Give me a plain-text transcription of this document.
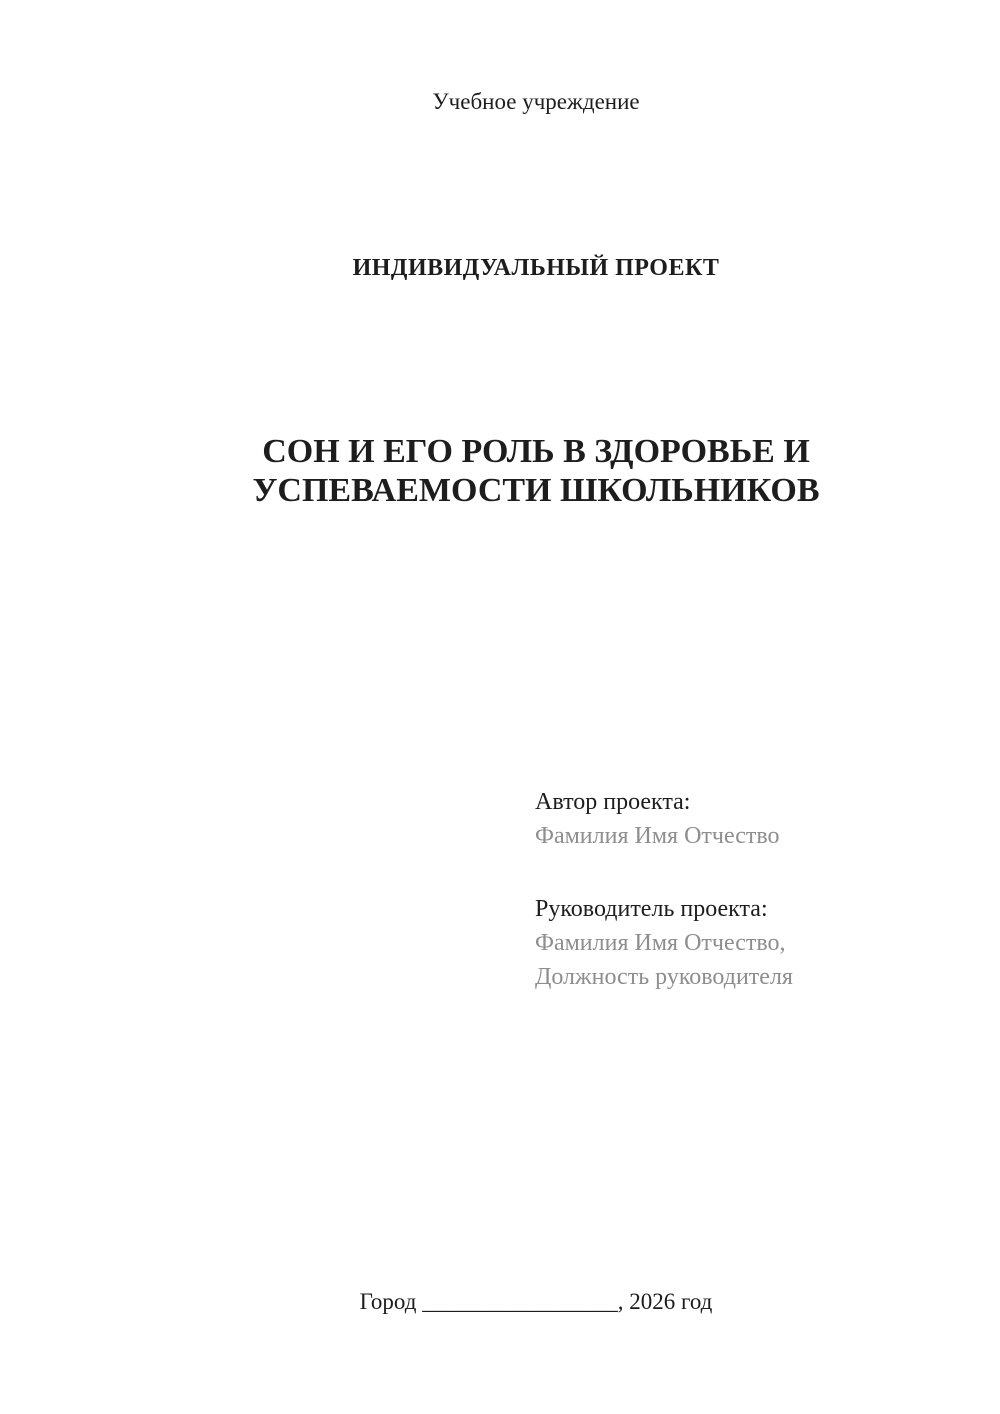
Учебное учреждение
ИНДИВИДУАЛЬНЫЙ ПРОЕКТ
СОН И ЕГО РОЛЬ В ЗДОРОВЬЕ И
УСПЕВАЕМОСТИ ШКОЛЬНИКОВ
Автор проекта:
Фамилия Имя Отчество
Руководитель проекта:
Фамилия Имя Отчество,
Должность руководителя
Город _________________, 2026 год
